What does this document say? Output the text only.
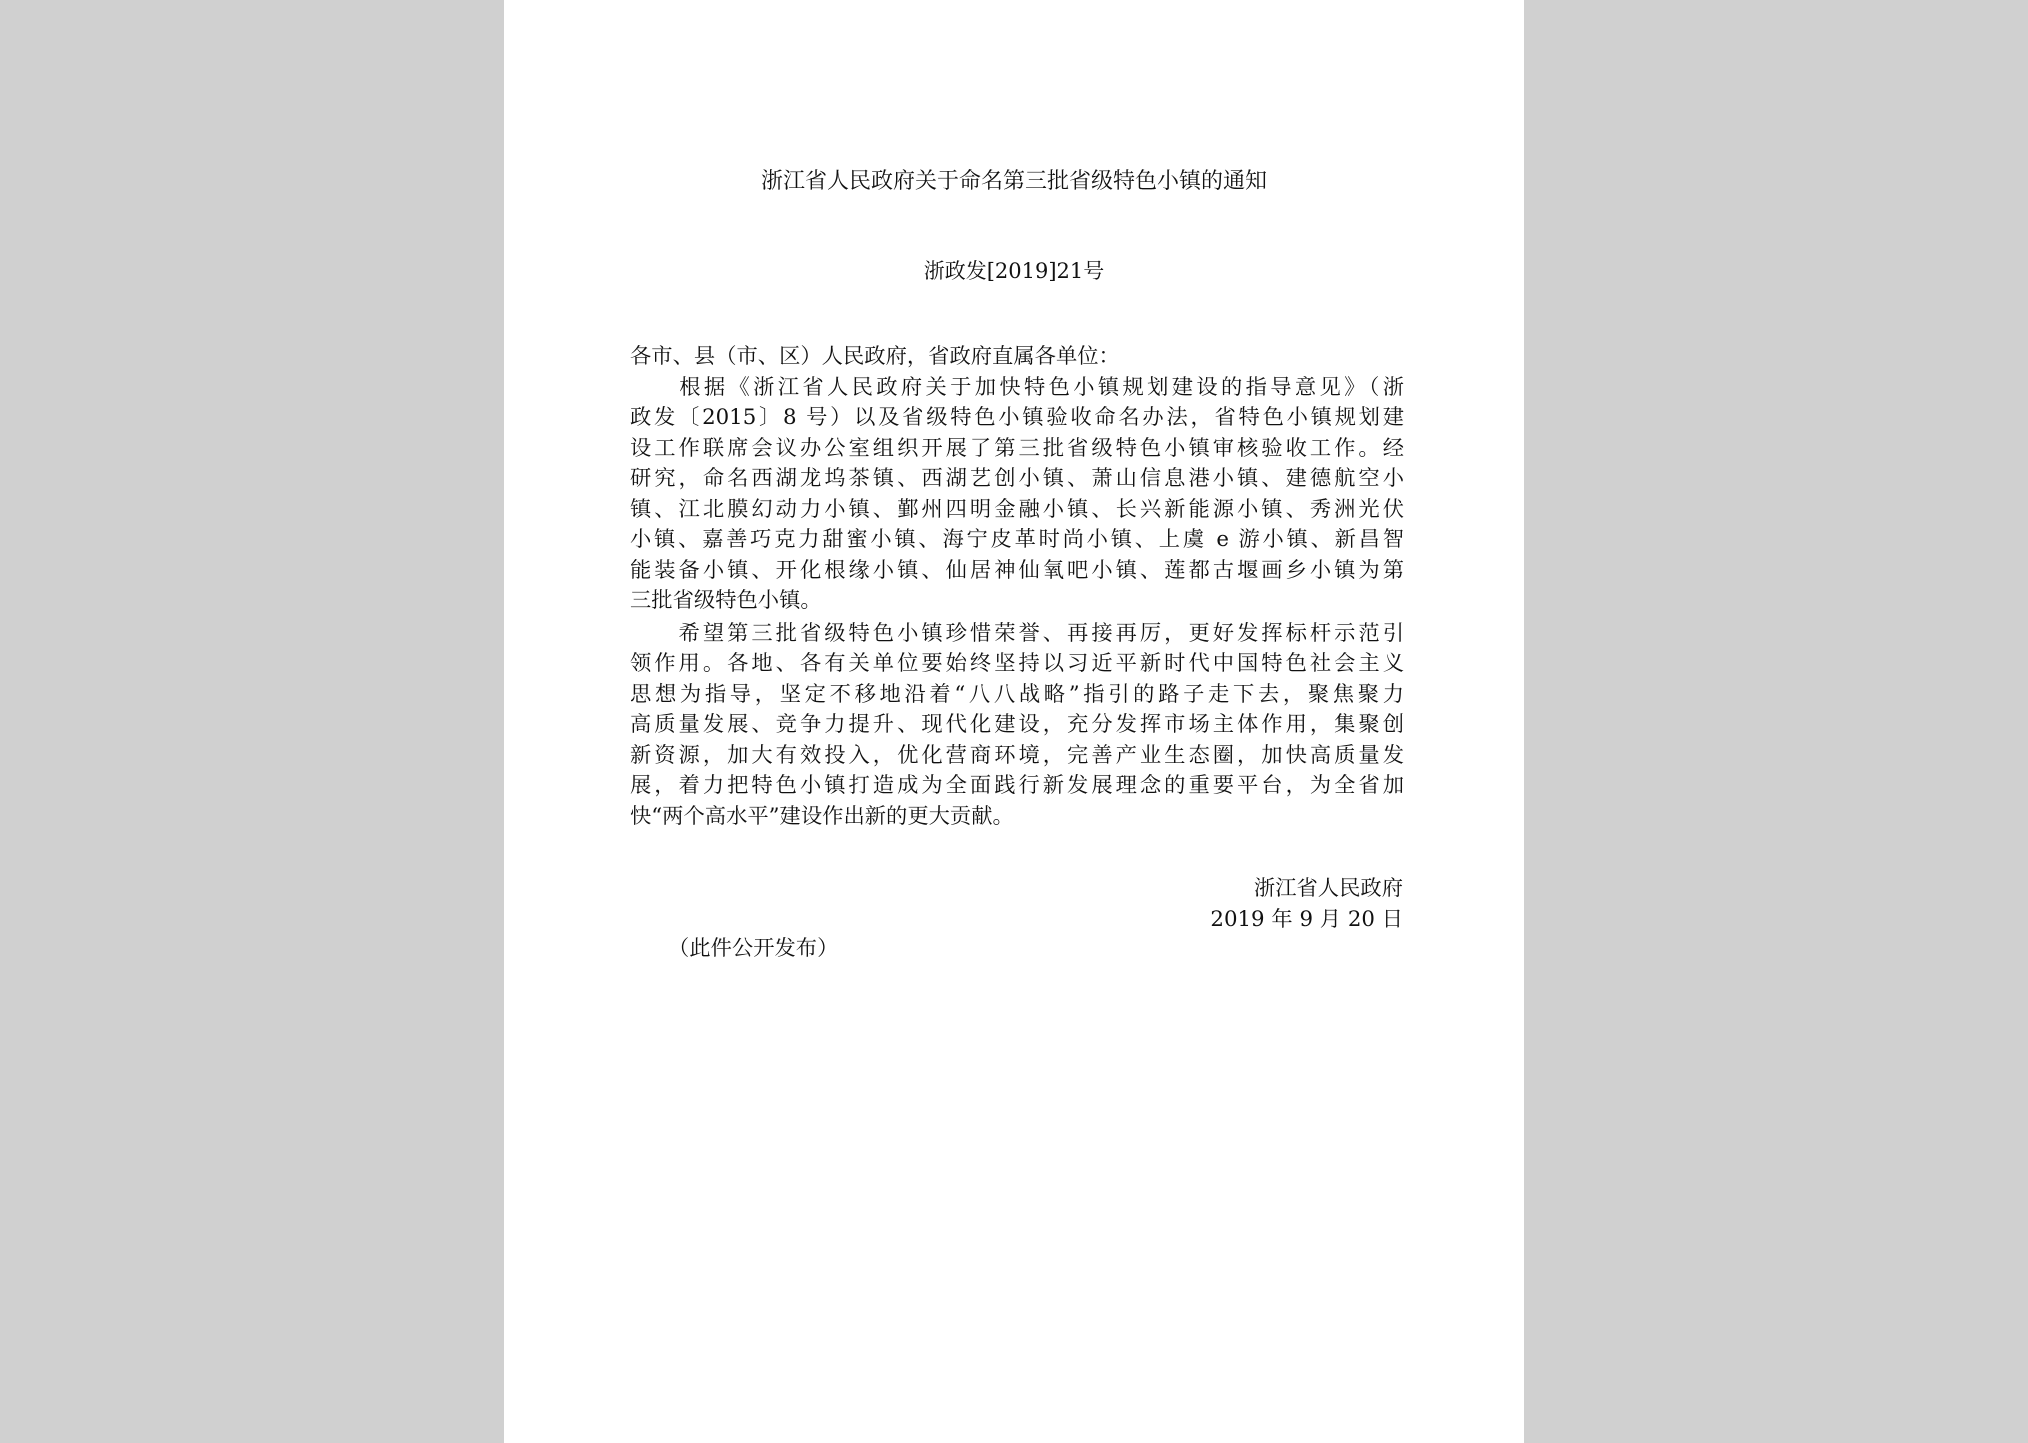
浙江省人民政府关于命名第三批省级特色小镇的通知
浙政发[2019]21号
各市、县（市、区）人民政府，省政府直属各单位：
　　根据《浙江省人民政府关于加快特色小镇规划建设的指导意见》（浙
政发〔2015〕8 号）以及省级特色小镇验收命名办法，省特色小镇规划建
设工作联席会议办公室组织开展了第三批省级特色小镇审核验收工作。经
研究，命名西湖龙坞茶镇、西湖艺创小镇、萧山信息港小镇、建德航空小
镇、江北膜幻动力小镇、鄞州四明金融小镇、长兴新能源小镇、秀洲光伏
小镇、嘉善巧克力甜蜜小镇、海宁皮革时尚小镇、上虞 e 游小镇、新昌智
能装备小镇、开化根缘小镇、仙居神仙氧吧小镇、莲都古堰画乡小镇为第
三批省级特色小镇。
　　希望第三批省级特色小镇珍惜荣誉、再接再厉，更好发挥标杆示范引
领作用。各地、各有关单位要始终坚持以习近平新时代中国特色社会主义
思想为指导，坚定不移地沿着“八八战略”指引的路子走下去，聚焦聚力
高质量发展、竞争力提升、现代化建设，充分发挥市场主体作用，集聚创
新资源，加大有效投入，优化营商环境，完善产业生态圈，加快高质量发
展，着力把特色小镇打造成为全面践行新发展理念的重要平台，为全省加
快“两个高水平”建设作出新的更大贡献。
浙江省人民政府
2019 年 9 月 20 日
（此件公开发布）
